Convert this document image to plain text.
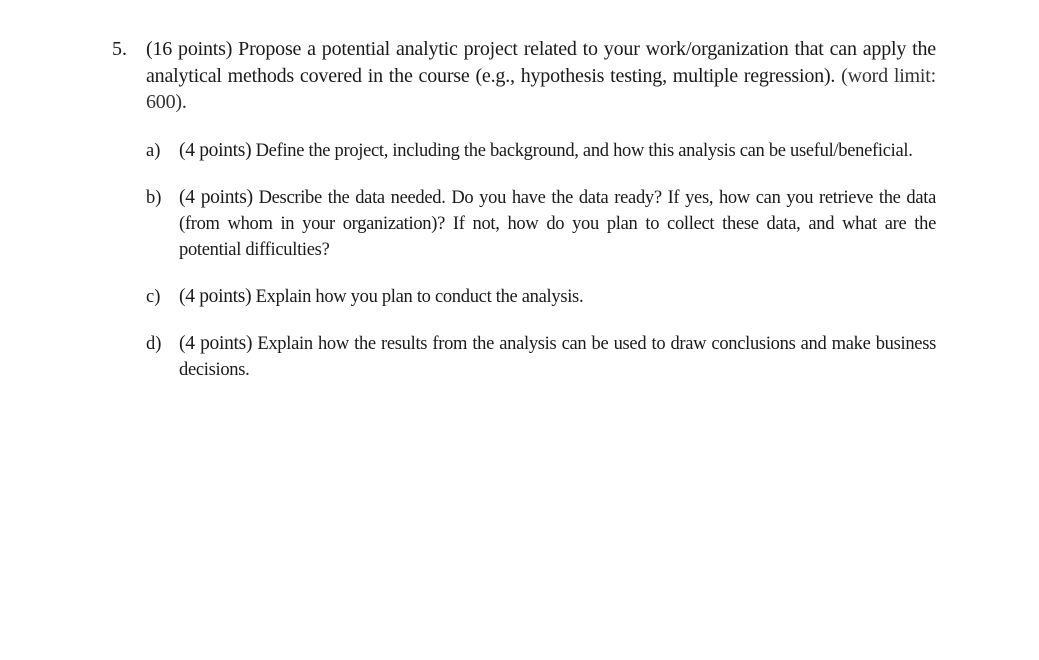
5. (16 points) Propose a potential analytic project related to your work/organization that can apply the analytical methods covered in the course (e.g., hypothesis testing, multiple regression). (word limit: 600).
a) (4 points) Define the project, including the background, and how this analysis can be useful/beneficial.
b) (4 points) Describe the data needed. Do you have the data ready? If yes, how can you retrieve the data (from whom in your organization)? If not, how do you plan to collect these data, and what are the potential difficulties?
c) (4 points) Explain how you plan to conduct the analysis.
d) (4 points) Explain how the results from the analysis can be used to draw conclusions and make business decisions.
